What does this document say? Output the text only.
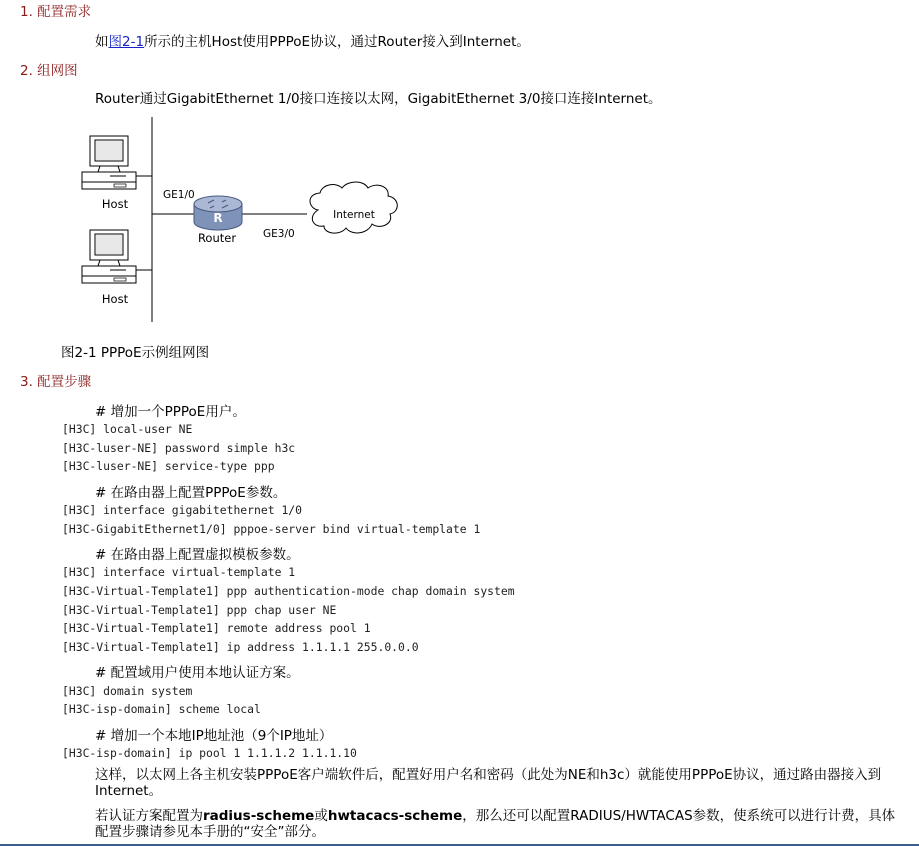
1. 配置需求
如图2-1所示的主机Host使用PPPoE协议，通过Router接入到Internet。
2. 组网图
Router通过GigabitEthernet 1/0接口连接以太网，GigabitEthernet 3/0接口连接Internet。
Host
Host
GE1/0
GE3/0
R
Router
Internet
图2-1 PPPoE示例组网图
3. 配置步骤
# 增加一个PPPoE用户。
[H3C] local-user NE
[H3C-luser-NE] password simple h3c
[H3C-luser-NE] service-type ppp
# 在路由器上配置PPPoE参数。
[H3C] interface gigabitethernet 1/0
[H3C-GigabitEthernet1/0] pppoe-server bind virtual-template 1
# 在路由器上配置虚拟模板参数。
[H3C] interface virtual-template 1
[H3C-Virtual-Template1] ppp authentication-mode chap domain system
[H3C-Virtual-Template1] ppp chap user NE
[H3C-Virtual-Template1] remote address pool 1
[H3C-Virtual-Template1] ip address 1.1.1.1 255.0.0.0
# 配置域用户使用本地认证方案。
[H3C] domain system
[H3C-isp-domain] scheme local
# 增加一个本地IP地址池（9个IP地址）
[H3C-isp-domain] ip pool 1 1.1.1.2 1.1.1.10
这样，以太网上各主机安装PPPoE客户端软件后，配置好用户名和密码（此处为NE和h3c）就能使用PPPoE协议，通过路由器接入到Internet。
若认证方案配置为radius-scheme或hwtacacs-scheme，那么还可以配置RADIUS/HWTACAS参数，使系统可以进行计费，具体配置步骤请参见本手册的“安全”部分。
